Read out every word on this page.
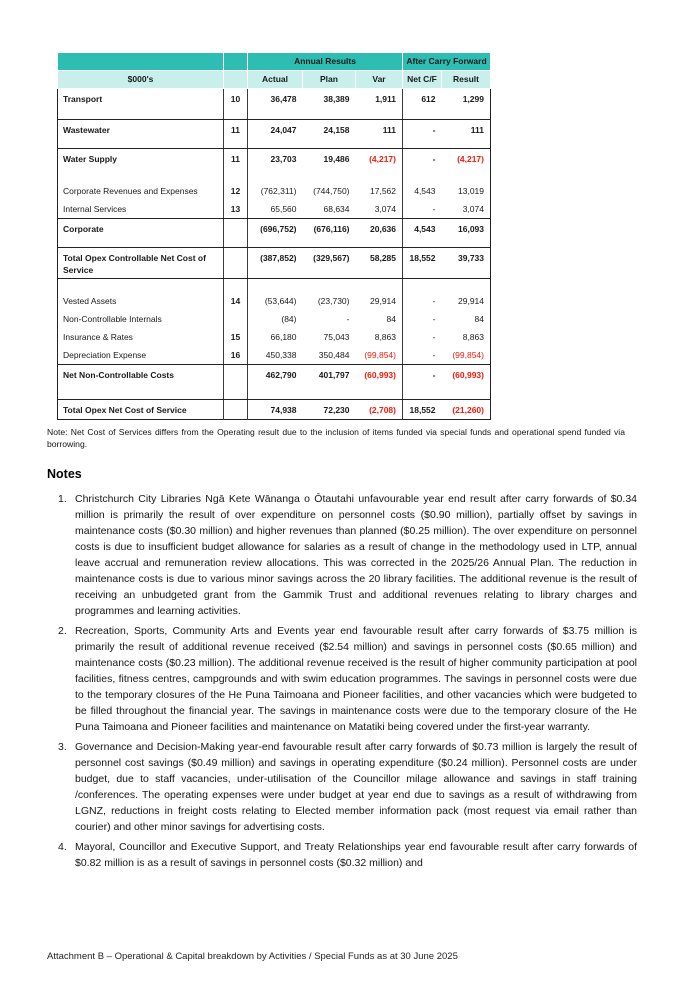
		Annual Results			After Carry Forward	
$000's		Actual	Plan	Var	Net C/F	Result
Transport	10	36,478	38,389	1,911	612	1,299
Wastewater	11	24,047	24,158	111	-	111
Water Supply	11	23,703	19,486	(4,217)	-	(4,217)
Corporate Revenues and Expenses	12	(762,311)	(744,750)	17,562	4,543	13,019
Internal Services	13	65,560	68,634	3,074	-	3,074
Corporate		(696,752)	(676,116)	20,636	4,543	16,093
Total Opex Controllable Net Cost of Service		(387,852)	(329,567)	58,285	18,552	39,733
Vested Assets	14	(53,644)	(23,730)	29,914	-	29,914
Non-Controllable Internals		(84)	-	84	-	84
Insurance & Rates	15	66,180	75,043	8,863	-	8,863
Depreciation Expense	16	450,338	350,484	(99,854)	-	(99,854)
Net Non-Controllable Costs		462,790	401,797	(60,993)	-	(60,993)
Total Opex Net Cost of Service		74,938	72,230	(2,708)	18,552	(21,260)

Note: Net Cost of Services differs from the Operating result due to the inclusion of items funded via special funds and operational spend funded via borrowing.

Notes
1. Christchurch City Libraries Ngā Kete Wānanga o Ōtautahi unfavourable year end result after carry forwards of $0.34 million is primarily the result of over expenditure on personnel costs ($0.90 million), partially offset by savings in maintenance costs ($0.30 million) and higher revenues than planned ($0.25 million). The over expenditure on personnel costs is due to insufficient budget allowance for salaries as a result of change in the methodology used in LTP, annual leave accrual and remuneration review allocations. This was corrected in the 2025/26 Annual Plan. The reduction in maintenance costs is due to various minor savings across the 20 library facilities. The additional revenue is the result of receiving an unbudgeted grant from the Gammik Trust and additional revenues relating to library charges and programmes and learning activities.
2. Recreation, Sports, Community Arts and Events year end favourable result after carry forwards of $3.75 million is primarily the result of additional revenue received ($2.54 million) and savings in personnel costs ($0.65 million) and maintenance costs ($0.23 million). The additional revenue received is the result of higher community participation at pool facilities, fitness centres, campgrounds and with swim education programmes. The savings in personnel costs were due to the temporary closures of the He Puna Taimoana and Pioneer facilities, and other vacancies which were budgeted to be filled throughout the financial year. The savings in maintenance costs were due to the temporary closure of the He Puna Taimoana and Pioneer facilities and maintenance on Matatiki being covered under the first-year warranty.
3. Governance and Decision-Making year-end favourable result after carry forwards of $0.73 million is largely the result of personnel cost savings ($0.49 million) and savings in operating expenditure ($0.24 million). Personnel costs are under budget, due to staff vacancies, under-utilisation of the Councillor milage allowance and savings in staff training /conferences. The operating expenses were under budget at year end due to savings as a result of withdrawing from LGNZ, reductions in freight costs relating to Elected member information pack (most request via email rather than courier) and other minor savings for advertising costs.
4. Mayoral, Councillor and Executive Support, and Treaty Relationships year end favourable result after carry forwards of $0.82 million is as a result of savings in personnel costs ($0.32 million) and
Attachment B – Operational & Capital breakdown by Activities / Special Funds as at 30 June 2025
